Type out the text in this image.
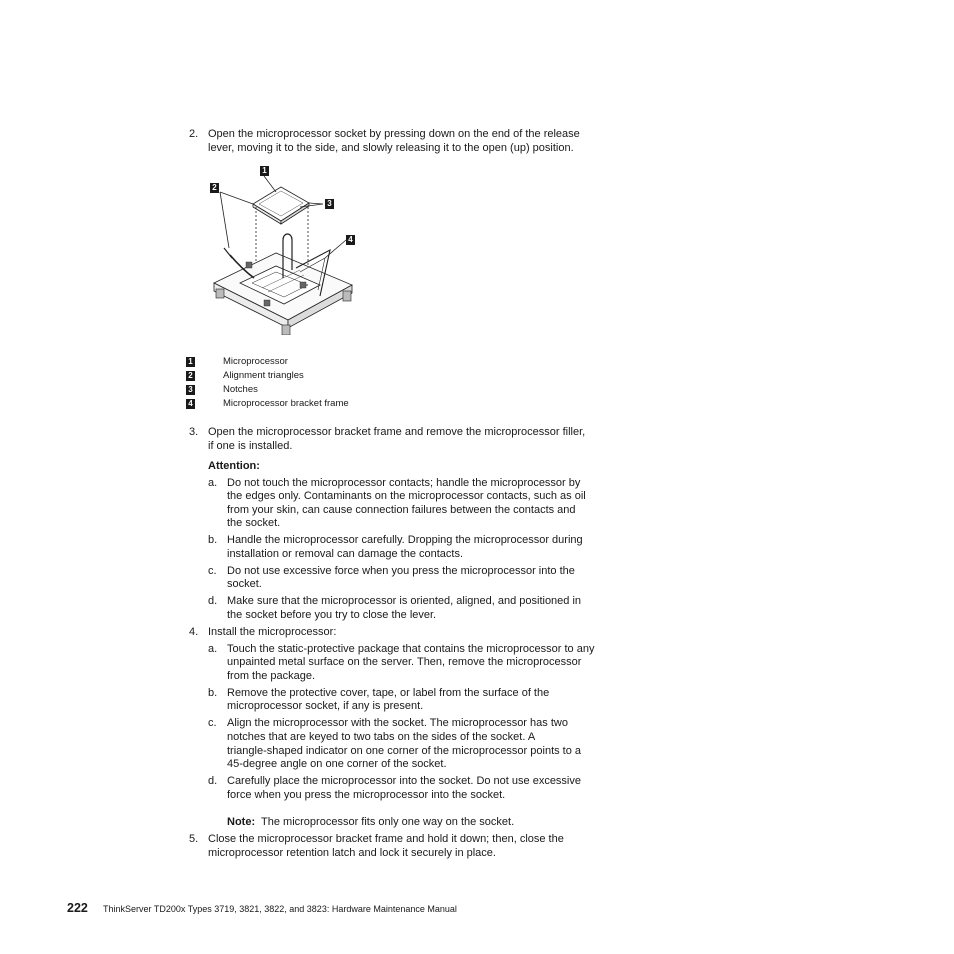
2. Open the microprocessor socket by pressing down on the end of the release

lever, moving it to the side, and slowly releasing it to the open (up) position.

1
2
3
4
1	Microprocessor
2	Alignment triangles
3	Notches
4	Microprocessor bracket frame
3. Open the microprocessor bracket frame and remove the microprocessor filler,

if one is installed.

Attention:

a. Do not touch the microprocessor contacts; handle the microprocessor by

the edges only. Contaminants on the microprocessor contacts, such as oil

from your skin, can cause connection failures between the contacts and

the socket.

b. Handle the microprocessor carefully. Dropping the microprocessor during

installation or removal can damage the contacts.

c. Do not use excessive force when you press the microprocessor into the

socket.

d. Make sure that the microprocessor is oriented, aligned, and positioned in

the socket before you try to close the lever.

4. Install the microprocessor:

a. Touch the static-protective package that contains the microprocessor to any

unpainted metal surface on the server. Then, remove the microprocessor

from the package.

b. Remove the protective cover, tape, or label from the surface of the

microprocessor socket, if any is present.

c. Align the microprocessor with the socket. The microprocessor has two

notches that are keyed to two tabs on the sides of the socket. A

triangle-shaped indicator on one corner of the microprocessor points to a

45-degree angle on one corner of the socket.

d. Carefully place the microprocessor into the socket. Do not use excessive

force when you press the microprocessor into the socket.

Note: The microprocessor fits only one way on the socket.

5. Close the microprocessor bracket frame and hold it down; then, close the

microprocessor retention latch and lock it securely in place.

222 ThinkServer TD200x Types 3719, 3821, 3822, and 3823: Hardware Maintenance Manual
